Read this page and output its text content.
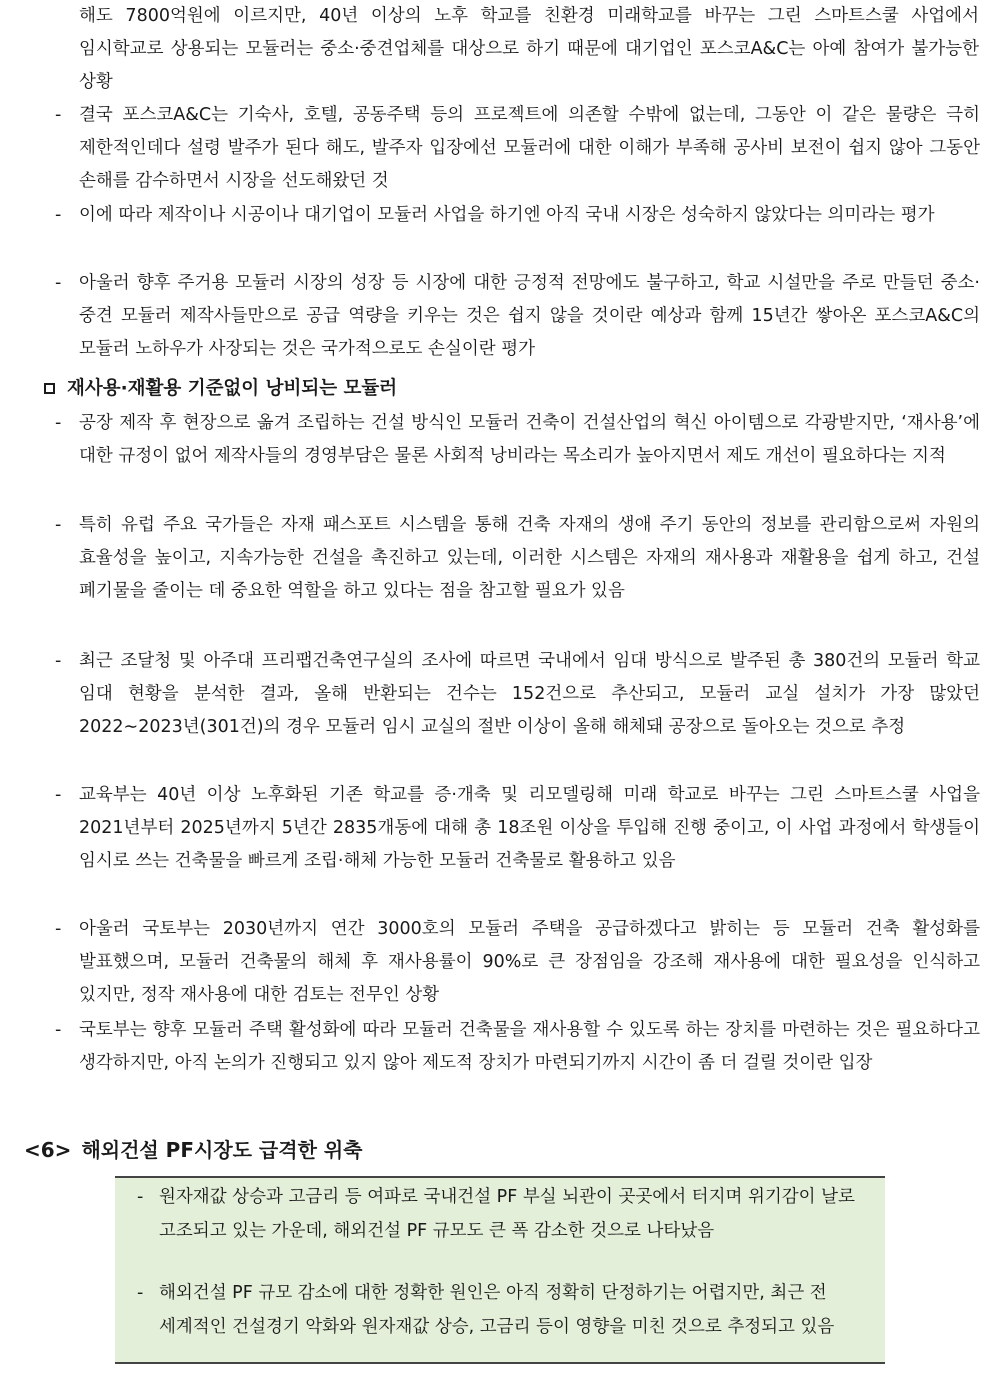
해도 7800억원에 이르지만, 40년 이상의 노후 학교를 친환경 미래학교를 바꾸는 그린 스마트스쿨 사업에서 임시학교로 상용되는 모듈러는 중소·중견업체를 대상으로 하기 때문에 대기업인 포스코A&C는 아예 참여가 불가능한 상황
-	결국 포스코A&C는 기숙사, 호텔, 공동주택 등의 프로젝트에 의존할 수밖에 없는데, 그동안 이 같은 물량은 극히 제한적인데다 설령 발주가 된다 해도, 발주자 입장에선 모듈러에 대한 이해가 부족해 공사비 보전이 쉽지 않아 그동안 손해를 감수하면서 시장을 선도해왔던 것
-	이에 따라 제작이나 시공이나 대기업이 모듈러 사업을 하기엔 아직 국내 시장은 성숙하지 않았다는 의미라는 평가
-	아울러 향후 주거용 모듈러 시장의 성장 등 시장에 대한 긍정적 전망에도 불구하고, 학교 시설만을 주로 만들던 중소·중견 모듈러 제작사들만으로 공급 역량을 키우는 것은 쉽지 않을 것이란 예상과 함께 15년간 쌓아온 포스코A&C의 모듈러 노하우가 사장되는 것은 국가적으로도 손실이란 평가
재사용·재활용 기준없이 낭비되는 모듈러
-	공장 제작 후 현장으로 옮겨 조립하는 건설 방식인 모듈러 건축이 건설산업의 혁신 아이템으로 각광받지만, ‘재사용’에 대한 규정이 없어 제작사들의 경영부담은 물론 사회적 낭비라는 목소리가 높아지면서 제도 개선이 필요하다는 지적
-	특히 유럽 주요 국가들은 자재 패스포트 시스템을 통해 건축 자재의 생애 주기 동안의 정보를 관리함으로써 자원의 효율성을 높이고, 지속가능한 건설을 촉진하고 있는데, 이러한 시스템은 자재의 재사용과 재활용을 쉽게 하고, 건설 폐기물을 줄이는 데 중요한 역할을 하고 있다는 점을 참고할 필요가 있음
-	최근 조달청 및 아주대 프리팹건축연구실의 조사에 따르면 국내에서 임대 방식으로 발주된 총 380건의 모듈러 학교 임대 현황을 분석한 결과, 올해 반환되는 건수는 152건으로 추산되고, 모듈러 교실 설치가 가장 많았던 2022∼2023년(301건)의 경우 모듈러 임시 교실의 절반 이상이 올해 해체돼 공장으로 돌아오는 것으로 추정
-	교육부는 40년 이상 노후화된 기존 학교를 증·개축 및 리모델링해 미래 학교로 바꾸는 그린 스마트스쿨 사업을 2021년부터 2025년까지 5년간 2835개동에 대해 총 18조원 이상을 투입해 진행 중이고, 이 사업 과정에서 학생들이 임시로 쓰는 건축물을 빠르게 조립·해체 가능한 모듈러 건축물로 활용하고 있음
-	아울러 국토부는 2030년까지 연간 3000호의 모듈러 주택을 공급하겠다고 밝히는 등 모듈러 건축 활성화를 발표했으며, 모듈러 건축물의 해체 후 재사용률이 90%로 큰 장점임을 강조해 재사용에 대한 필요성을 인식하고 있지만, 정작 재사용에 대한 검토는 전무인 상황
-	국토부는 향후 모듈러 주택 활성화에 따라 모듈러 건축물을 재사용할 수 있도록 하는 장치를 마련하는 것은 필요하다고 생각하지만, 아직 논의가 진행되고 있지 않아 제도적 장치가 마련되기까지 시간이 좀 더 걸릴 것이란 입장
<6> 해외건설 PF시장도 급격한 위축
- 원자재값 상승과 고금리 등 여파로 국내건설 PF 부실 뇌관이 곳곳에서 터지며 위기감이 날로 고조되고 있는 가운데, 해외건설 PF 규모도 큰 폭 감소한 것으로 나타났음
- 해외건설 PF 규모 감소에 대한 정확한 원인은 아직 정확히 단정하기는 어렵지만, 최근 전 세계적인 건설경기 악화와 원자재값 상승, 고금리 등이 영향을 미친 것으로 추정되고 있음
